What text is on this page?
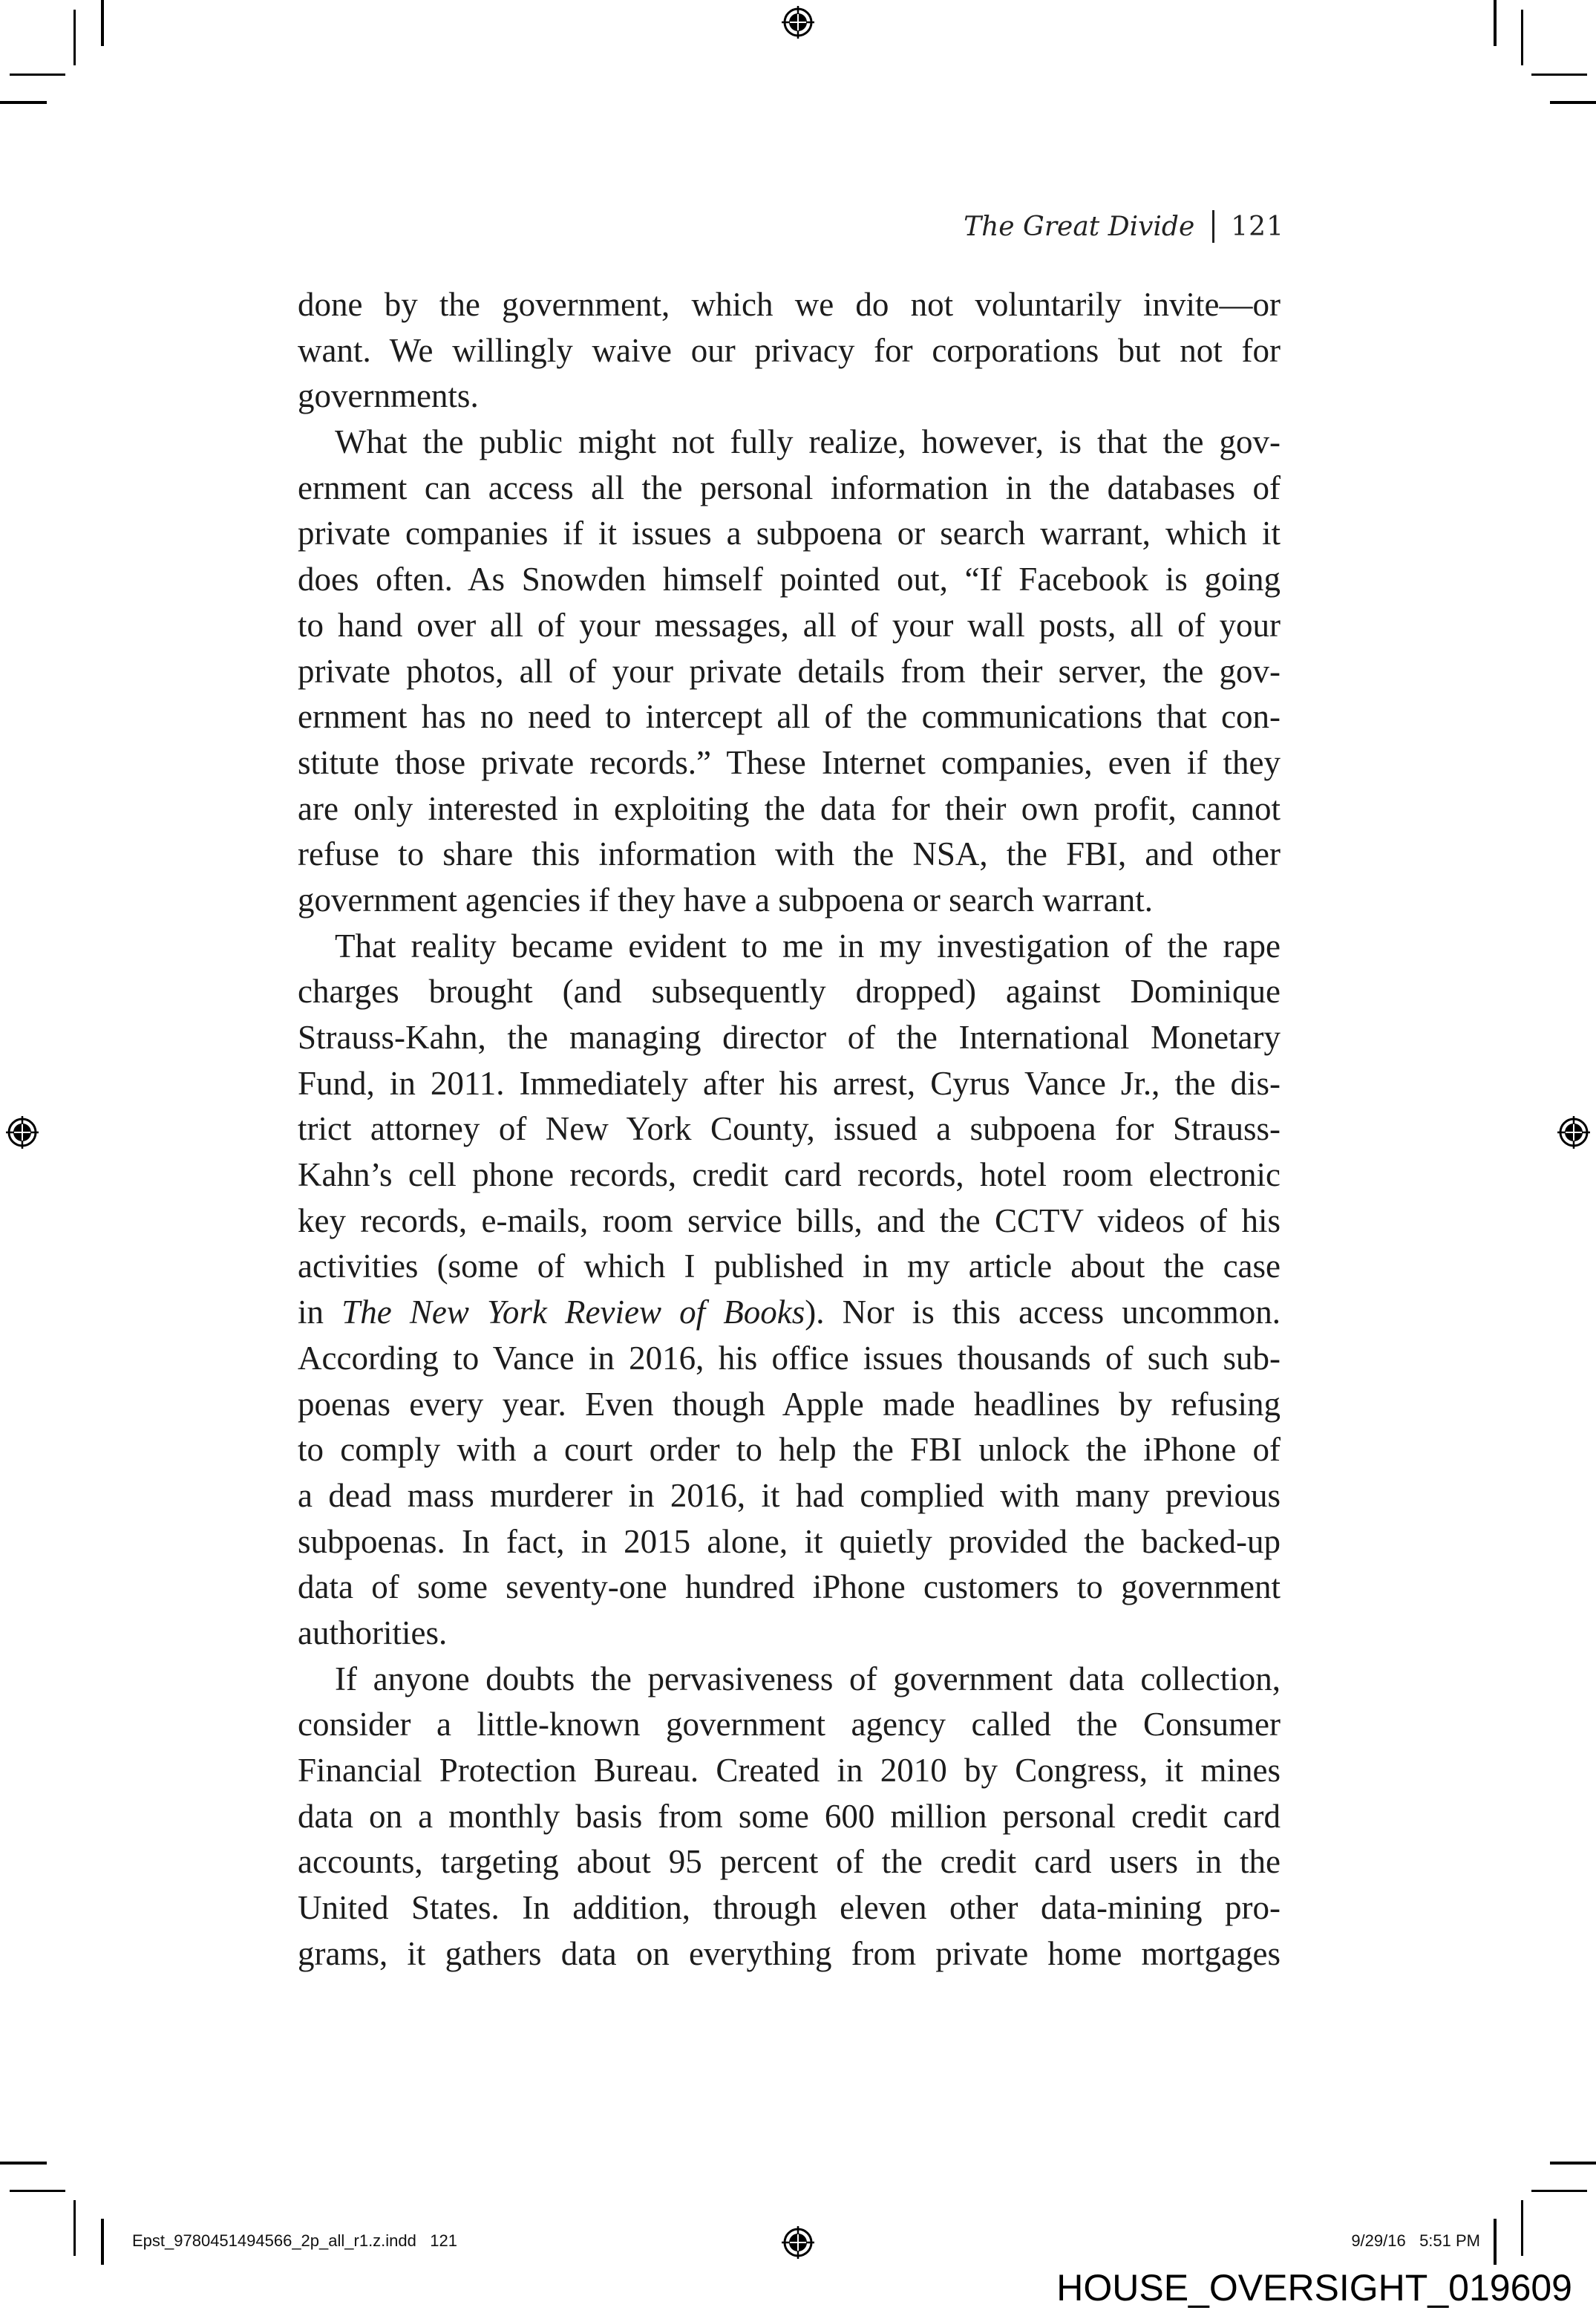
The Great Divide 121
done by the government, which we do not voluntarily invite—or
want. We willingly waive our privacy for corporations but not for
governments.
What the public might not fully realize, however, is that the gov-
ernment can access all the personal information in the databases of
private companies if it issues a subpoena or search warrant, which it
does often. As Snowden himself pointed out, “If Facebook is going
to hand over all of your messages, all of your wall posts, all of your
private photos, all of your private details from their server, the gov-
ernment has no need to intercept all of the communications that con-
stitute those private records.” These Internet companies, even if they
are only interested in exploiting the data for their own profit, cannot
refuse to share this information with the NSA, the FBI, and other
government agencies if they have a subpoena or search warrant.
That reality became evident to me in my investigation of the rape
charges brought (and subsequently dropped) against Dominique
Strauss-Kahn, the managing director of the International Monetary
Fund, in 2011. Immediately after his arrest, Cyrus Vance Jr., the dis-
trict attorney of New York County, issued a subpoena for Strauss-
Kahn’s cell phone records, credit card records, hotel room electronic
key records, e-mails, room service bills, and the CCTV videos of his
activities (some of which I published in my article about the case
in The New York Review of Books). Nor is this access uncommon.
According to Vance in 2016, his office issues thousands of such sub-
poenas every year. Even though Apple made headlines by refusing
to comply with a court order to help the FBI unlock the iPhone of
a dead mass murderer in 2016, it had complied with many previous
subpoenas. In fact, in 2015 alone, it quietly provided the backed-up
data of some seventy-one hundred iPhone customers to government
authorities.
If anyone doubts the pervasiveness of government data collection,
consider a little-known government agency called the Consumer
Financial Protection Bureau. Created in 2010 by Congress, it mines
data on a monthly basis from some 600 million personal credit card
accounts, targeting about 95 percent of the credit card users in the
United States. In addition, through eleven other data-mining pro-
grams, it gathers data on everything from private home mortgages
Epst_9780451494566_2p_all_r1.z.indd 121	9/29/16 5:51 PM
HOUSE_OVERSIGHT_019609
